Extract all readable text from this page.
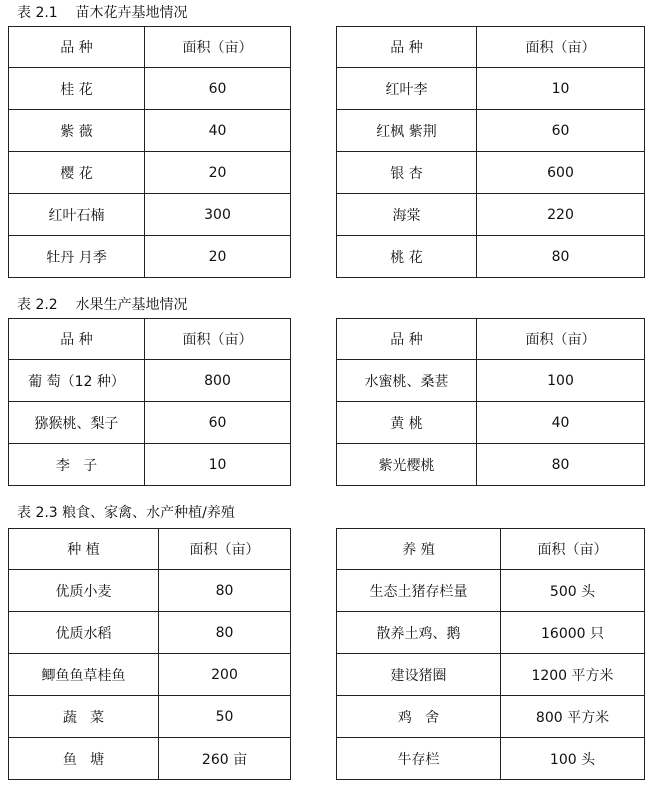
表 2.1    苗木花卉基地情况
品 种	面积（亩）		品 种	面积（亩）
桂 花	60		红叶李	10
紫 薇	40		红枫 紫荆	60
樱 花	20		银 杏	600
红叶石楠	300		海棠	220
牡丹 月季	20		桃 花	80
表 2.2    水果生产基地情况
品 种	面积（亩）		品 种	面积（亩）
葡 萄（12 种）	800		水蜜桃、桑葚	100
猕猴桃、梨子	60		黄 桃	40
李   子	10		紫光樱桃	80
表 2.3 粮食、家禽、水产种植/养殖
种 植	面积（亩）		养 殖	面积（亩）
优质小麦	80		生态土猪存栏量	500 头
优质水稻	80		散养土鸡、鹅	16000 只
鲫鱼鱼草桂鱼	200		建设猪圈	1200 平方米
蔬   菜	50		鸡   舍	800 平方米
鱼   塘	260 亩		牛存栏	100 头
